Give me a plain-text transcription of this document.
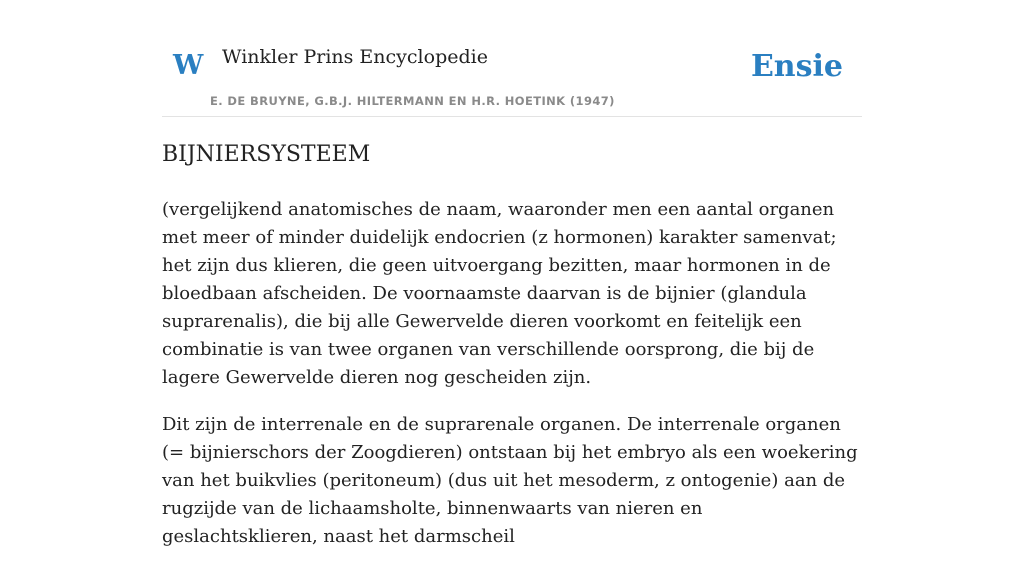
W Winkler Prins Encyclopedie
E. DE BRUYNE, G.B.J. HILTERMANN EN H.R. HOETINK (1947)
Ensie
BIJNIERSYSTEEM

(vergelijkend anatomisches de naam, waaronder men een aantal organen met meer of minder duidelijk endocrien (z hormonen) karakter samenvat; het zijn dus klieren, die geen uitvoergang bezitten, maar hormonen in de bloedbaan afscheiden. De voornaamste daarvan is de bijnier (glandula suprarenalis), die bij alle Gewervelde dieren voorkomt en feitelijk een combinatie is van twee organen van verschillende oorsprong, die bij de lagere Gewervelde dieren nog gescheiden zijn.

Dit zijn de interrenale en de suprarenale organen. De interrenale organen (= bijnierschors der Zoogdieren) ontstaan bij het embryo als een woekering van het buikvlies (peritoneum) (dus uit het mesoderm, z ontogenie) aan de rugzijde van de lichaamsholte, binnenwaarts van nieren en geslachtsklieren, naast het darmscheil
